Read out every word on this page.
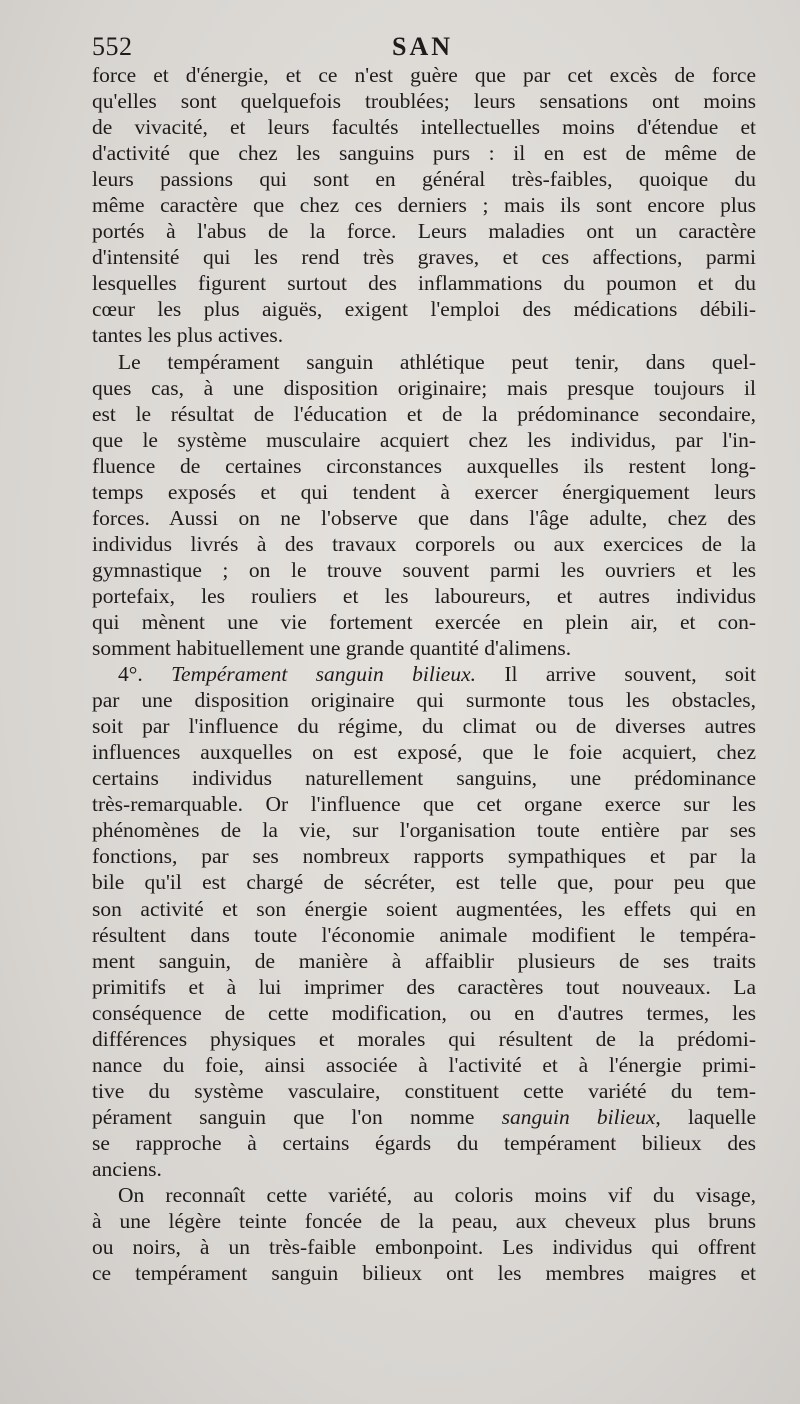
552	SAN
force et d'énergie, et ce n'est guère que par cet excès de force
qu'elles sont quelquefois troublées; leurs sensations ont moins
de vivacité, et leurs facultés intellectuelles moins d'étendue et
d'activité que chez les sanguins purs : il en est de même de
leurs passions qui sont en général très-faibles, quoique du
même caractère que chez ces derniers ; mais ils sont encore plus
portés à l'abus de la force. Leurs maladies ont un caractère
d'intensité qui les rend très graves, et ces affections, parmi
lesquelles figurent surtout des inflammations du poumon et du
cœur les plus aiguës, exigent l'emploi des médications débili-
tantes les plus actives.
Le tempérament sanguin athlétique peut tenir, dans quel-
ques cas, à une disposition originaire; mais presque toujours il
est le résultat de l'éducation et de la prédominance secondaire,
que le système musculaire acquiert chez les individus, par l'in-
fluence de certaines circonstances auxquelles ils restent long-
temps exposés et qui tendent à exercer énergiquement leurs
forces. Aussi on ne l'observe que dans l'âge adulte, chez des
individus livrés à des travaux corporels ou aux exercices de la
gymnastique ; on le trouve souvent parmi les ouvriers et les
portefaix, les rouliers et les laboureurs, et autres individus
qui mènent une vie fortement exercée en plein air, et con-
somment habituellement une grande quantité d'alimens.
4°. Tempérament sanguin bilieux. Il arrive souvent, soit
par une disposition originaire qui surmonte tous les obstacles,
soit par l'influence du régime, du climat ou de diverses autres
influences auxquelles on est exposé, que le foie acquiert, chez
certains individus naturellement sanguins, une prédominance
très-remarquable. Or l'influence que cet organe exerce sur les
phénomènes de la vie, sur l'organisation toute entière par ses
fonctions, par ses nombreux rapports sympathiques et par la
bile qu'il est chargé de sécréter, est telle que, pour peu que
son activité et son énergie soient augmentées, les effets qui en
résultent dans toute l'économie animale modifient le tempéra-
ment sanguin, de manière à affaiblir plusieurs de ses traits
primitifs et à lui imprimer des caractères tout nouveaux. La
conséquence de cette modification, ou en d'autres termes, les
différences physiques et morales qui résultent de la prédomi-
nance du foie, ainsi associée à l'activité et à l'énergie primi-
tive du système vasculaire, constituent cette variété du tem-
pérament sanguin que l'on nomme sanguin bilieux, laquelle
se rapproche à certains égards du tempérament bilieux des
anciens.
On reconnaît cette variété, au coloris moins vif du visage,
à une légère teinte foncée de la peau, aux cheveux plus bruns
ou noirs, à un très-faible embonpoint. Les individus qui offrent
ce tempérament sanguin bilieux ont les membres maigres et
